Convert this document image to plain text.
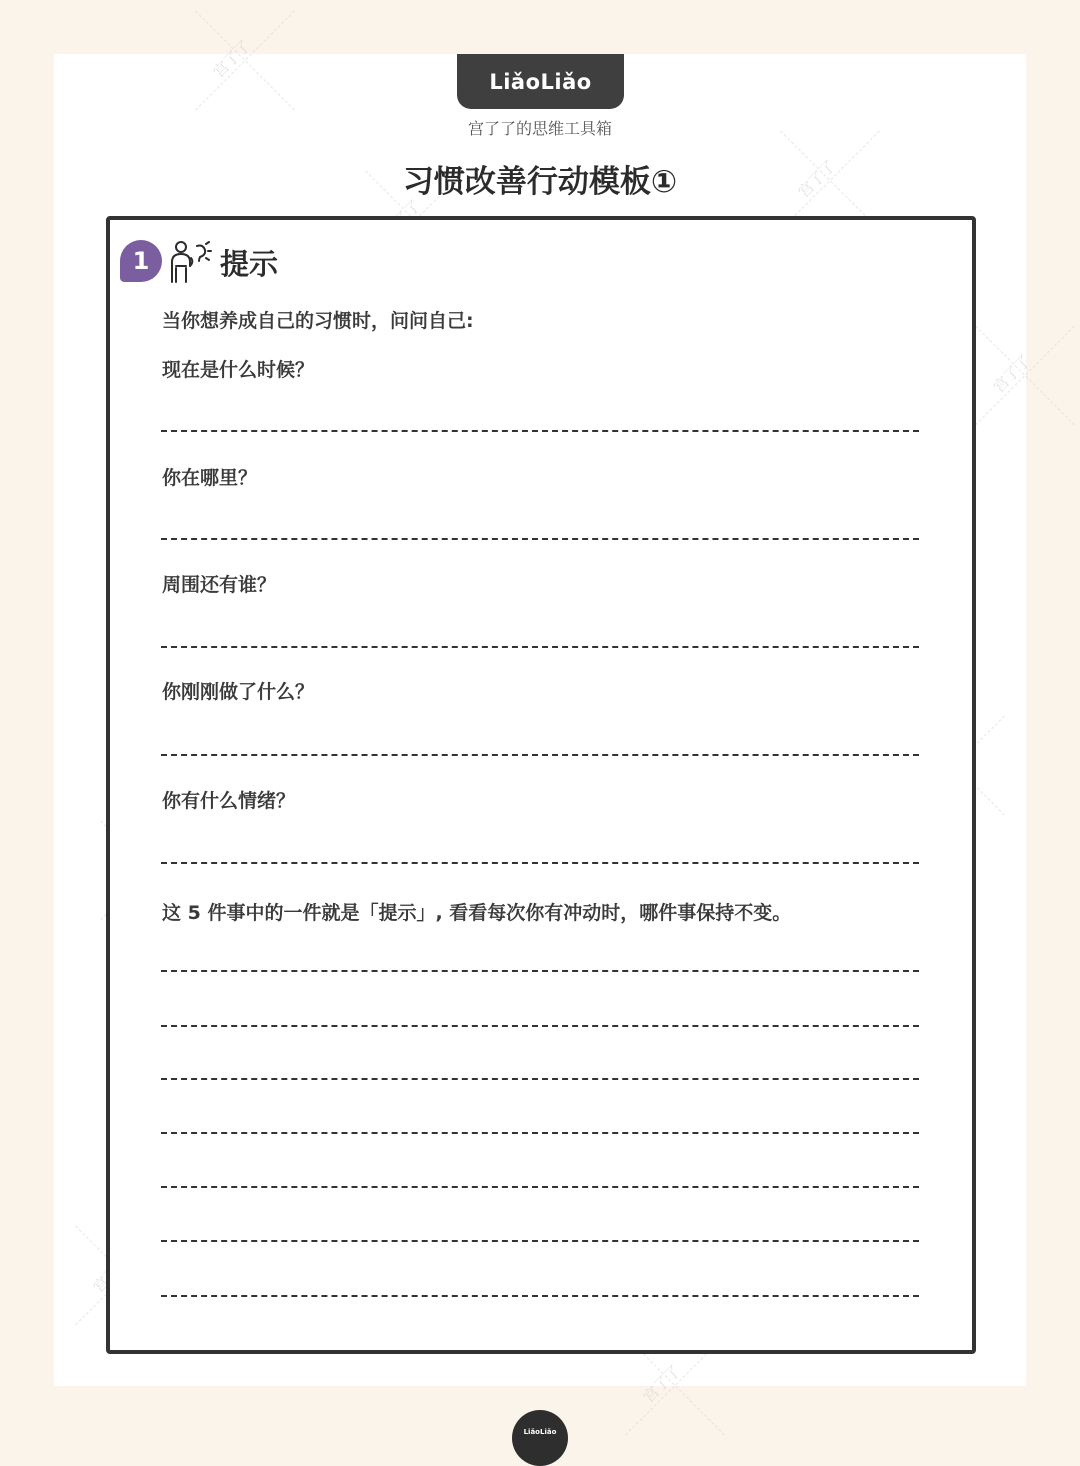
宫了了
宫了了
宫了了
宫了了
LiǎoLiǎo
宫了了的思维工具箱
习惯改善行动模板①
1 提示
当你想养成自己的习惯时，问问自己:
现在是什么时候？
你在哪里？
周围还有谁？
你刚刚做了什么？
你有什么情绪？
这 5 件事中的一件就是「提示」, 看看每次你有冲动时，哪件事保持不变。
LiǎoLiǎo
